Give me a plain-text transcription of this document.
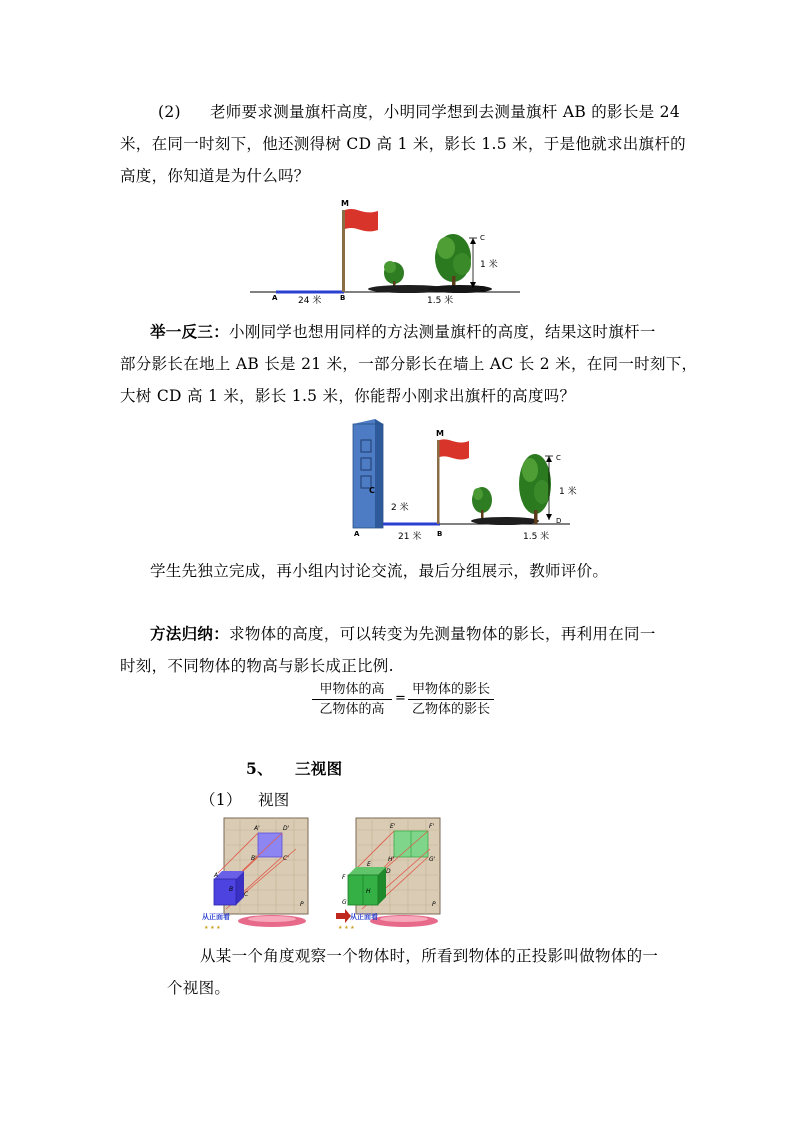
(2) 老师要求测量旗杆高度，小明同学想到去测量旗杆 AB 的影长是 24
米，在同一时刻下，他还测得树 CD 高 1 米，影长 1.5 米，于是他就求出旗杆的
高度，你知道是为什么吗？
M
C
D
1 米
A	B
24 米	1.5 米
举一反三：小刚同学也想用同样的方法测量旗杆的高度，结果这时旗杆一
部分影长在地上 AB 长是 21 米，一部分影长在墙上 AC 长 2 米，在同一时刻下，
大树 CD 高 1 米，影长 1.5 米，你能帮小刚求出旗杆的高度吗？
C
2 米
M
C
D
1 米
A	B
21 米	1.5 米
学生先独立完成，再小组内讨论交流，最后分组展示，教师评价。
方法归纳：求物体的高度，可以转变为先测量物体的影长，再利用在同一
时刻，不同物体的物高与影长成正比例.
甲物体的高
乙物体的高
=
甲物体的影长
乙物体的影长
5、 三视图
（1） 视图
A'	D'
B'	C'
A
B
C
P
从正面看
★ ★ ★
E'	F'
H'	G'
E
D
F
H
G	P
从正面看
★ ★ ★
从某一个角度观察一个物体时，所看到物体的正投影叫做物体的一
个视图。
